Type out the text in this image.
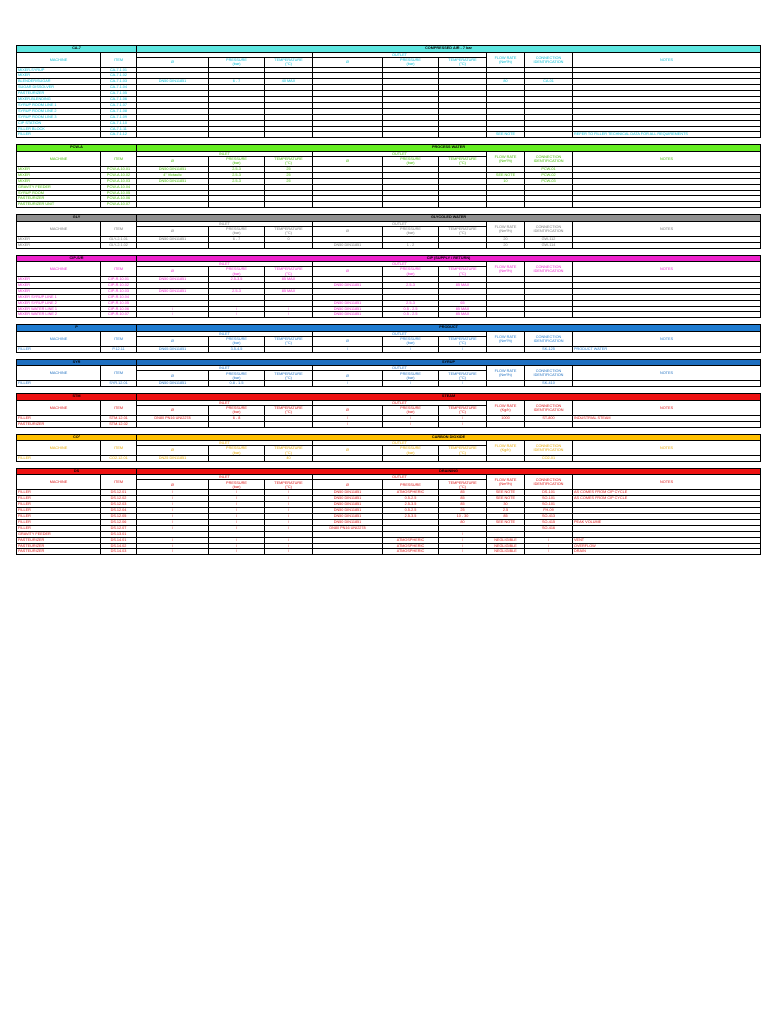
CA-7		COMPRESSED AIR - 7 bar								
MACHINE	ITEM				OUTLET			FLOW RATE
(Nm³/h)	CONNECTION
IDENTIFICATION	NOTES
		Ø	PRESSURE
(bar)	TEMPERATURE
(°C)	Ø	PRESSURE
(bar)	TEMPERATURE
(°C)			
MIXER-SYRUP	CA-7.1.01									
MIXER	CA-7.1.02									
BLENDER/SUGAR	CA-7.1.03	DN50 DIN11851	6 - 7	40 MAX				80	CA-01	
SUGAR DISSOLVER	CA-7.1.04									
PASTEURIZER	CA-7.1.05									
MIXER-BLENDING	CA-7.1.06									
SYRUP ROOM LINE 1	CA-7.1.07									
SYRUP ROOM LINE 2	CA-7.1.08									
SYRUP ROOM LINE 3	CA-7.1.09									
CIP STATION	CA-7.1.10									
FILLER BLOCK	CA-7.1.11									
FILLER	CA-7.1.12							SEE NOTE		REFER TO FILLER TECHNICAL DATA FOR ALL REQUIREMENTS
PCW-A		PROCESS WATER								
MACHINE	ITEM	INLET			OUTLET			FLOW RATE
(Nm³/h)	CONNECTION
IDENTIFICATION	NOTES
		Ø	PRESSURE
(bar)	TEMPERATURE
(°C)	Ø	PRESSURE
(bar)	TEMPERATURE
(°C)			
MIXER	PCW-A.10.01	DN50 DIN11851	2.5-3	25					PCW-01	
MIXER	PCW-A.10.02	4" Victaulic	2.5-3	25				SEE NOTE	PCW-02	
MIXER	PCW-A.10.03	DN50 DIN11851	2.5-3	25				10	PCW-03	
GRAVITY FEEDER	PCW-A.10.04									
SYRUP ROOM	PCW-A.10.05									
PASTEURIZER	PCW-A.10.06									
PASTEURIZER UNIT	PCW-A.10.07									
GLY		GLYCOLED WATER								
MACHINE	ITEM	INLET			OUTLET			FLOW RATE
(Nm³/h)	CONNECTION
IDENTIFICATION	NOTES
		Ø	PRESSURE
(bar)	TEMPERATURE
(°C)	Ø	PRESSURE
(bar)	TEMPERATURE
(°C)			
MIXER	GLY-2.1.01	DN50 DIN11851	6 - 7	0				20	GW-112	
MIXER	GLY-2.1.02				DN50 DIN11851	1 - 2		20	GW-114	
CIP-S/R		CIP (SUPPLY / RETURN)								
MACHINE	ITEM	INLET			OUTLET			FLOW RATE
(Nm³/h)	CONNECTION
IDENTIFICATION	NOTES
		Ø	PRESSURE
(bar)	TEMPERATURE
(°C)	Ø	PRESSURE
(bar)	TEMPERATURE
(°C)			
MIXER	CIP-R.10.01	DN50 DIN11851	2.5-3.5	85 MAX						
MIXER	CIP-R.10.02				DN50 DIN11851	2.5-3	85 MAX			
MIXER	CIP-R.10.03	DN50 DIN11851	2.5-3	85 MAX						
MIXER SYRUP LINE 1	CIP-R.10.04									
MIXER SYRUP LINE 2	CIP-R.10.05				DN50 DIN11851	2.5-3	65			
MIXER WATER LINE 1	CIP-R.10.06	/	/	/	DN50 DIN11851	0.5 - 2.5	85 MAX			
MIXER WATER LINE 2	CIP-R.10.07	/	/	/	DN50 DIN11851	0.5 - 2.5	85 MAX			
P		PRODUCT								
MACHINE	ITEM	INLET			OUTLET			FLOW RATE
(Nm³/h)	CONNECTION
IDENTIFICATION	NOTES
		Ø	PRESSURE
(bar)	TEMPERATURE
(°C)	Ø	PRESSURE
(bar)	TEMPERATURE
(°C)			
FILLER	P.12.11	DN65 DIN11851	3.5-4.5		/	/	/		SK-125	PRODUCT WATER
SYR		SYRUP								
MACHINE	ITEM	INLET			OUTLET			FLOW RATE
(Nm³/h)	CONNECTION
IDENTIFICATION	NOTES
		Ø	PRESSURE
(bar)	TEMPERATURE
(°C)	Ø	PRESSURE
(bar)	TEMPERATURE
(°C)			
FILLER	SYR.12.01	DN50 DIN11851	0.8 - 1.5		/	/	/		SK-410	
STM		STEAM								
MACHINE	ITEM	INLET			OUTLET			FLOW RATE
(Kg/h)	CONNECTION
IDENTIFICATION	NOTES
		Ø	PRESSURE
(bar)	TEMPERATURE
(°C)	Ø	PRESSURE
(bar)	TEMPERATURE
(°C)			
FILLER	STM.12.01	DN80 PN16 UNI2278	6 - 8		/	/	/	1000	ST-800	INDUSTRIAL STEAM
PASTEURIZER	STM.12.02				/	/	/			
CO²		CARBON DIOXIDE								
MACHINE	ITEM	INLET			OUTLET			FLOW RATE
(Kg/h)	CONNECTION
IDENTIFICATION	NOTES
		Ø	PRESSURE
(bar)	TEMPERATURE
(°C)	Ø	PRESSURE
(bar)	TEMPERATURE
(°C)			
FILLER	CO2.12.01	DN25 DIN11851		40					CO2-01	
DS		DRAINING								
MACHINE	ITEM	INLET			OUTLET			FLOW RATE
(Nm³/h)	CONNECTION
IDENTIFICATION	NOTES
		Ø	PRESSURE
(bar)	TEMPERATURE
(°C)	Ø	PRESSURE	TEMPERATURE
(°C)			
FILLER	DS.12.01	/	/	/	DN50 DIN11851	ATMOSPHERIC	85	SEE NOTE	DS-101	AS COMES FROM CIP CYCLE
FILLER	DS.12.02	/	/	/	DN50 DIN11851	0.5-2.5	85	SEE NOTE	SO-101	AS COMES FROM CIP CYCLE
FILLER	DS.12.03	/	/	/	DN50 DIN11851	2.5-3.5	85	30	SO-101	
FILLER	DS.12.04	/	/	/	DN50 DIN11851	0.5-2.5	25	2.5	FH-09	
FILLER	DS.12.05	/	/	/	DN50 DIN11851	2.5-3.5	10 - 30	85	SO-413	
FILLER	DS.12.06	/	/	/	DN50 DIN11851		80	SEE NOTE	SO-415	PEAK VOLUME
FILLER	DS.12.07	/	/	/	DN80 PN16 UNI2278				SO-416	
GRAVITY FEEDER	DS.13.01						/			
PASTEURIZER	DS.14.01	/	/	/		ATMOSPHERIC	/	NEGLIGIBLE	/	VENT
PASTEURIZER	DS.14.02	/	/	/		ATMOSPHERIC	/	NEGLIGIBLE	/	OVERFLOW
PASTEURIZER	DS.14.03	/	/	/		ATMOSPHERIC	/	NEGLIGIBLE	/	DRAIN
